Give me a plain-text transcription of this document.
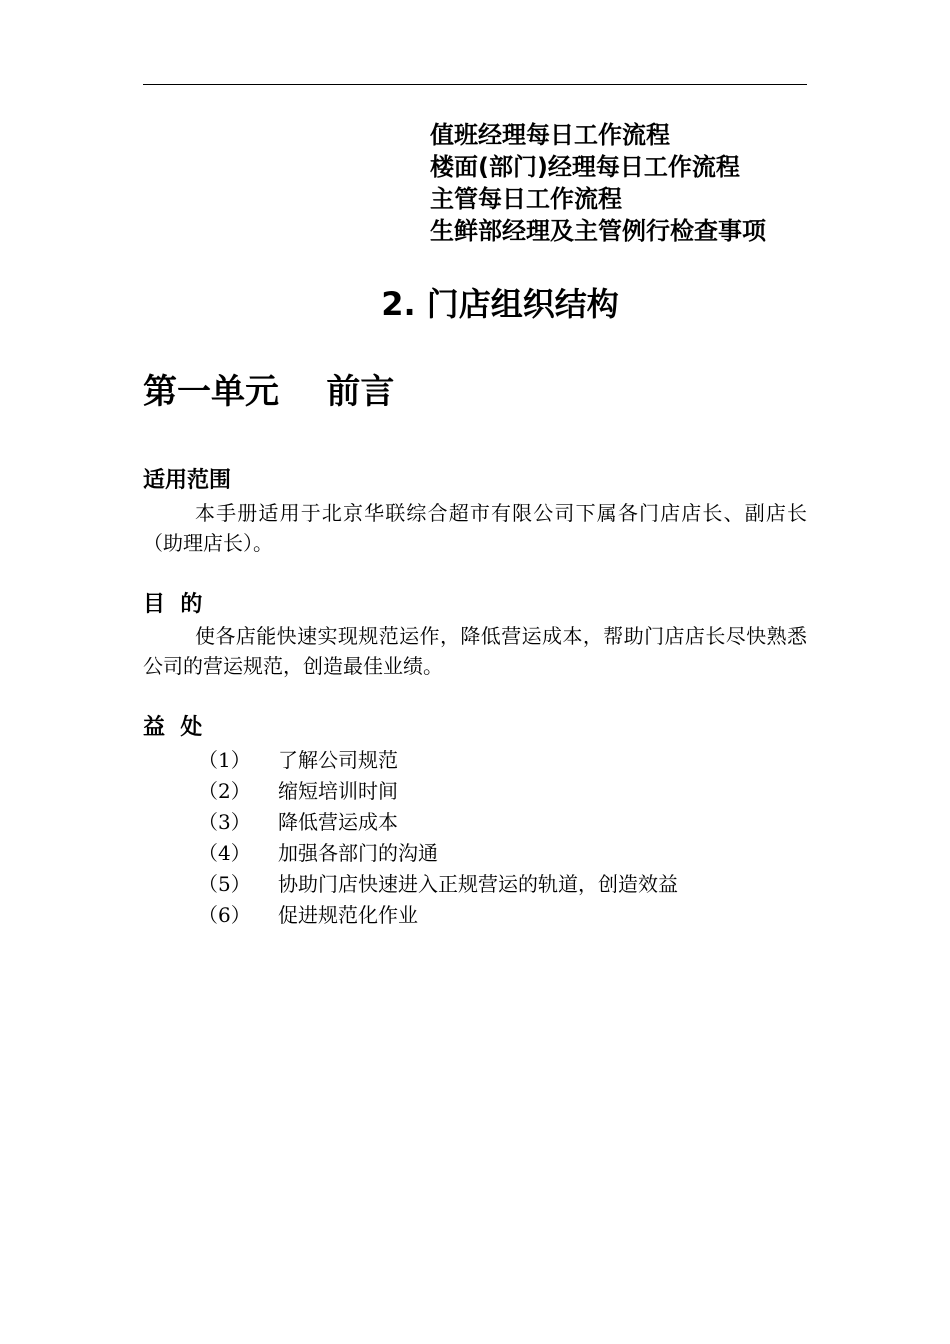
值班经理每日工作流程
楼面(部门)经理每日工作流程
主管每日工作流程
生鲜部经理及主管例行检查事项
2. 门店组织结构
第一单元    前言
适用范围

本手册适用于北京华联综合超市有限公司下属各门店店长、副店长（助理店长）。

目  的

使各店能快速实现规范运作，降低营运成本，帮助门店店长尽快熟悉公司的营运规范，创造最佳业绩。

益  处
（1） 了解公司规范
（2） 缩短培训时间
（3） 降低营运成本
（4） 加强各部门的沟通
（5） 协助门店快速进入正规营运的轨道，创造效益
（6） 促进规范化作业
